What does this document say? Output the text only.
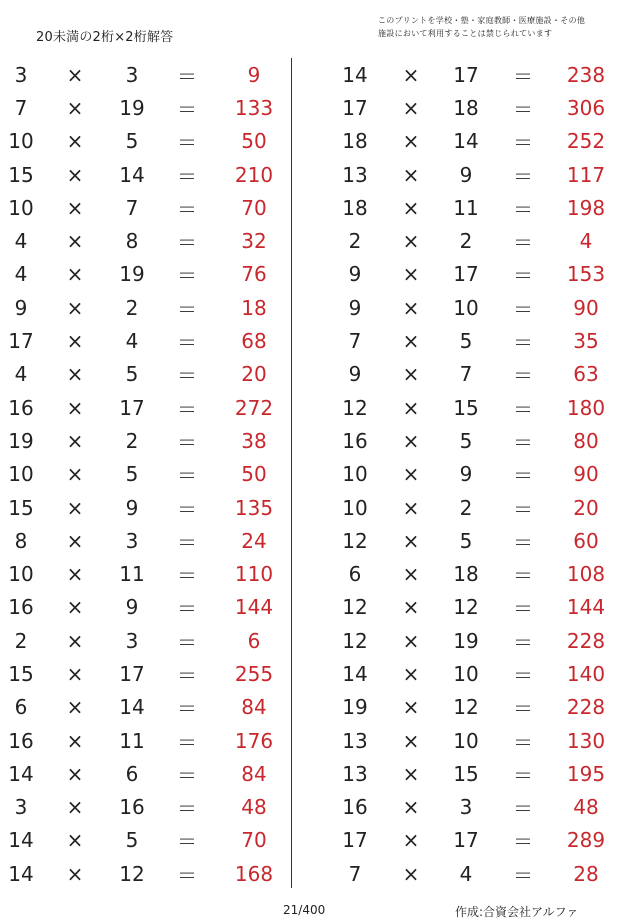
20未満の2桁×2桁解答
このプリントを学校・塾・家庭教師・医療施設・その他
施設において利用することは禁じられています
3	×	3	＝	9
7	×	19	＝	133
10 ×	5	＝	50
15 ×	14	＝	210
10 ×	7	＝	70
4	×	8	＝	32
4	×	19	＝	76
9	×	2	＝	18
17 ×	4	＝	68
4	×	5	＝	20
16 ×	17	＝	272
19 ×	2	＝	38
10 ×	5	＝	50
15 ×	9	＝	135
8	×	3	＝	24
10 ×	11	＝	110
16 ×	9	＝	144
2	×	3	＝	6
15 ×	17	＝	255
6	×	14	＝	84
16 ×	11	＝	176
14 ×	6	＝	84
3	×	16	＝	48
14 ×	5	＝	70
14 ×	12	＝	168
14	×	17	＝	238
17	×	18	＝	306
18	×	14	＝	252
13	×	9	＝	117
18	×	11	＝	198
2	×	2	＝	4
9	×	17	＝	153
9	×	10	＝	90
7	×	5	＝	35
9	×	7	＝	63
12	×	15	＝	180
16	×	5	＝	80
10	×	9	＝	90
10	×	2	＝	20
12	×	5	＝	60
6	×	18	＝	108
12	×	12	＝	144
12	×	19	＝	228
14	×	10	＝	140
19	×	12	＝	228
13	×	10	＝	130
13	×	15	＝	195
16	×	3	＝	48
17	×	17	＝	289
7	×	4	＝	28
21/400	作成:合資会社アルファ
